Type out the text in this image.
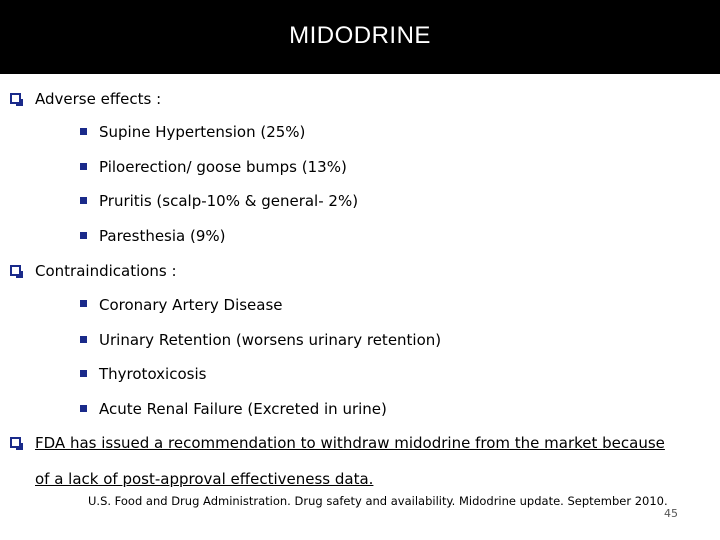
MIDODRINE
Adverse effects :
Supine Hypertension (25%)
Piloerection/ goose bumps (13%)
Pruritis (scalp-10% & general- 2%)
Paresthesia (9%)
Contraindications :
Coronary Artery Disease
Urinary Retention (worsens urinary retention)
Thyrotoxicosis
Acute Renal Failure (Excreted in urine)
FDA has issued a recommendation to withdraw midodrine from the market because
of a lack of post-approval effectiveness data.
U.S. Food and Drug Administration. Drug safety and availability. Midodrine update. September 2010.
45
